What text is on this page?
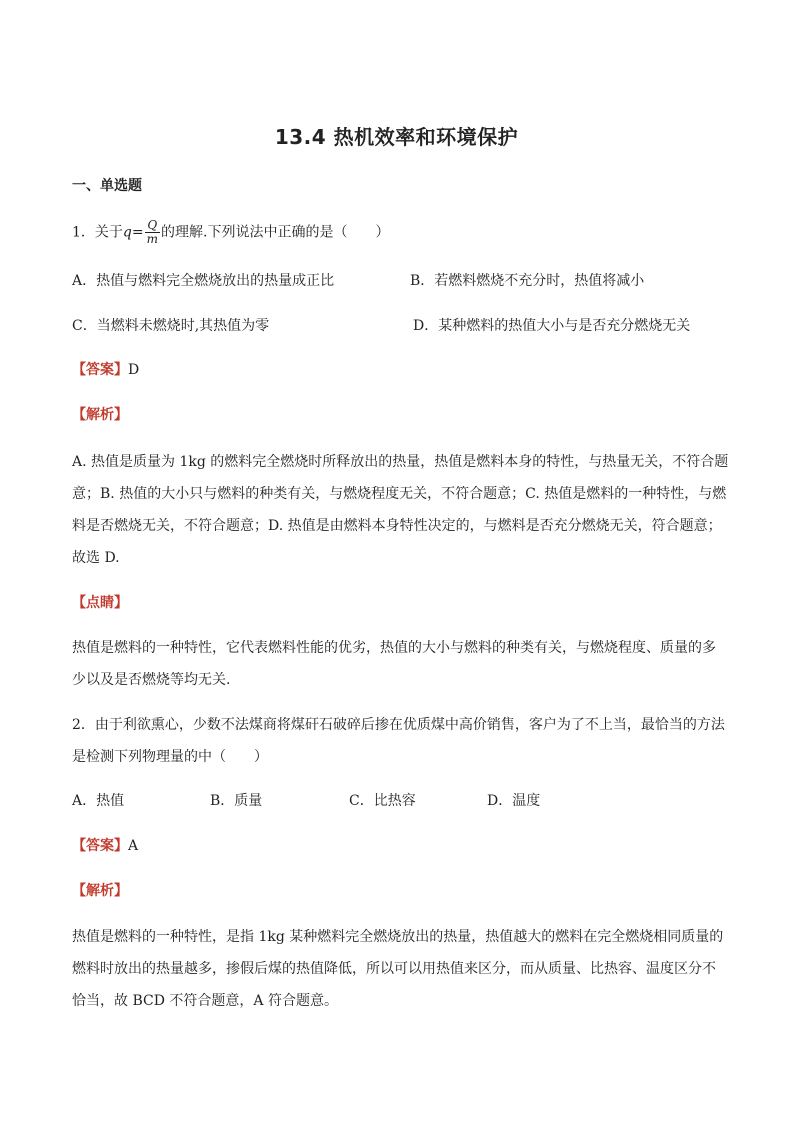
13.4 热机效率和环境保护
一、单选题
1．关于$q= \frac{Q}{m}$ 的理解.下列说法中正确的是（　　）
A．热值与燃料完全燃烧放出的热量成正比	B．若燃料燃烧不充分时，热值将减小
C．当燃料未燃烧时,其热值为零	D．某种燃料的热值大小与是否充分燃烧无关
【答案】D
【解析】
A. 热值是质量为 1kg 的燃料完全燃烧时所释放出的热量，热值是燃料本身的特性，与热量无关，不符合题
意；B. 热值的大小只与燃料的种类有关，与燃烧程度无关，不符合题意；C. 热值是燃料的一种特性，与燃
料是否燃烧无关，不符合题意；D. 热值是由燃料本身特性决定的，与燃料是否充分燃烧无关，符合题意；
故选 D.
【点睛】
热值是燃料的一种特性，它代表燃料性能的优劣，热值的大小与燃料的种类有关，与燃烧程度、质量的多
少以及是否燃烧等均无关.
2．由于利欲熏心，少数不法煤商将煤矸石破碎后掺在优质煤中高价销售，客户为了不上当，最恰当的方法
是检测下列物理量的中（　　）
A．热值	B．质量	C．比热容	D．温度
【答案】A
【解析】
热值是燃料的一种特性，是指 1kg 某种燃料完全燃烧放出的热量，热值越大的燃料在完全燃烧相同质量的
燃料时放出的热量越多，掺假后煤的热值降低，所以可以用热值来区分，而从质量、比热容、温度区分不
恰当，故 BCD 不符合题意，A 符合题意。
